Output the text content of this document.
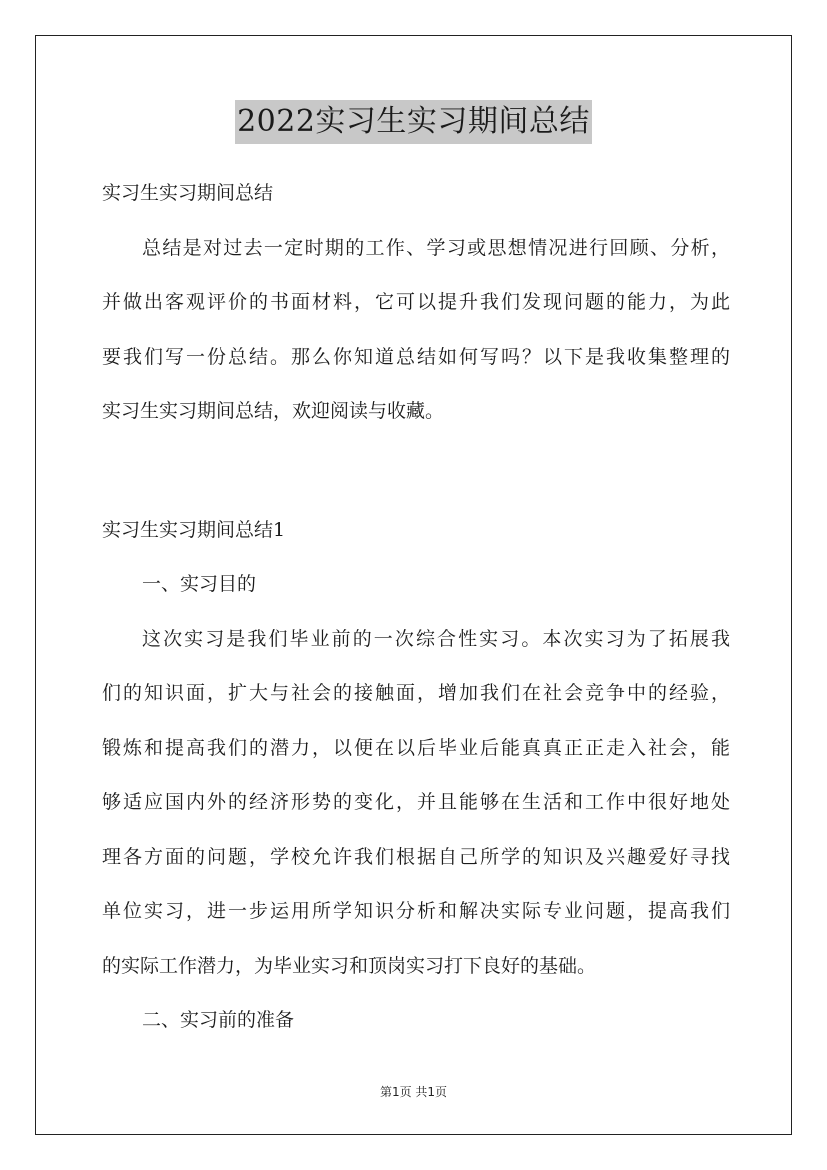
2022实习生实习期间总结
实习生实习期间总结
总结是对过去一定时期的工作、学习或思想情况进行回顾、分析，
并做出客观评价的书面材料，它可以提升我们发现问题的能力，为此
要我们写一份总结。那么你知道总结如何写吗？以下是我收集整理的
实习生实习期间总结，欢迎阅读与收藏。
实习生实习期间总结1
一、实习目的
这次实习是我们毕业前的一次综合性实习。本次实习为了拓展我
们的知识面，扩大与社会的接触面，增加我们在社会竞争中的经验，
锻炼和提高我们的潜力，以便在以后毕业后能真真正正走入社会，能
够适应国内外的经济形势的变化，并且能够在生活和工作中很好地处
理各方面的问题，学校允许我们根据自己所学的知识及兴趣爱好寻找
单位实习，进一步运用所学知识分析和解决实际专业问题，提高我们
的实际工作潜力，为毕业实习和顶岗实习打下良好的基础。
二、实习前的准备
第1页 共1页
